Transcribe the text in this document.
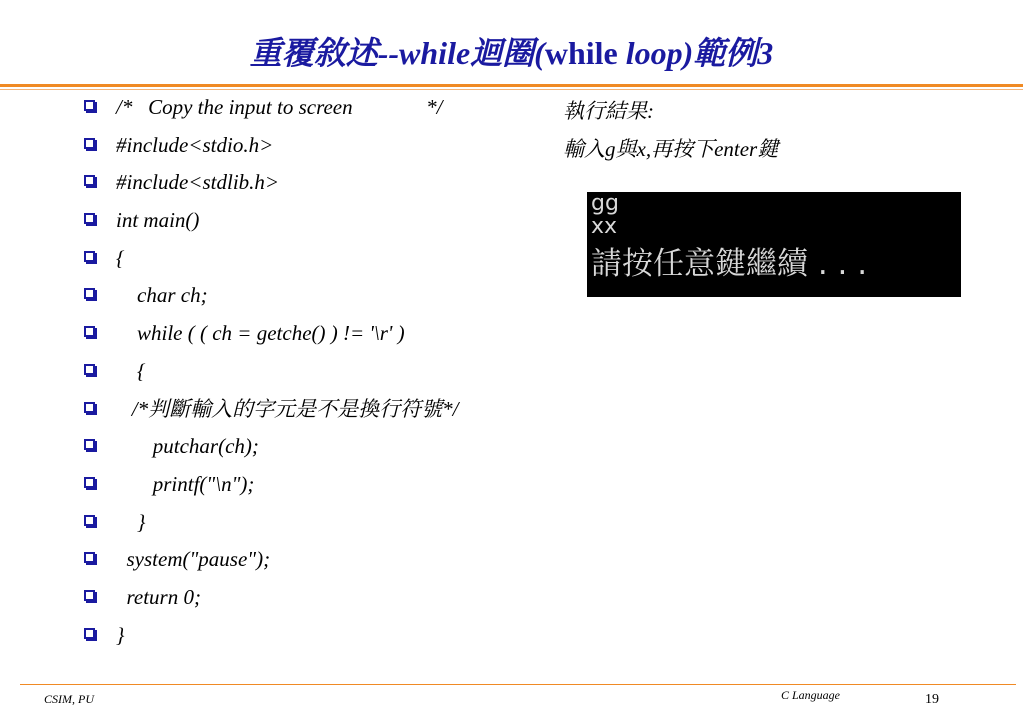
重覆敘述--while迴圈(while loop)範例3
/*   Copy the input to screen              */
#include<stdio.h>
#include<stdlib.h>
int main()
{
char ch;
while ( ( ch = getche() ) != '\r' )
{
/*判斷輸入的字元是不是換行符號*/
putchar(ch);
printf("\n");
}
system("pause");
return 0;
}
執行結果:
輸入g與x,再按下enter鍵
gg
xx
請按任意鍵繼續 . . .
CSIM, PU	C Language	19
